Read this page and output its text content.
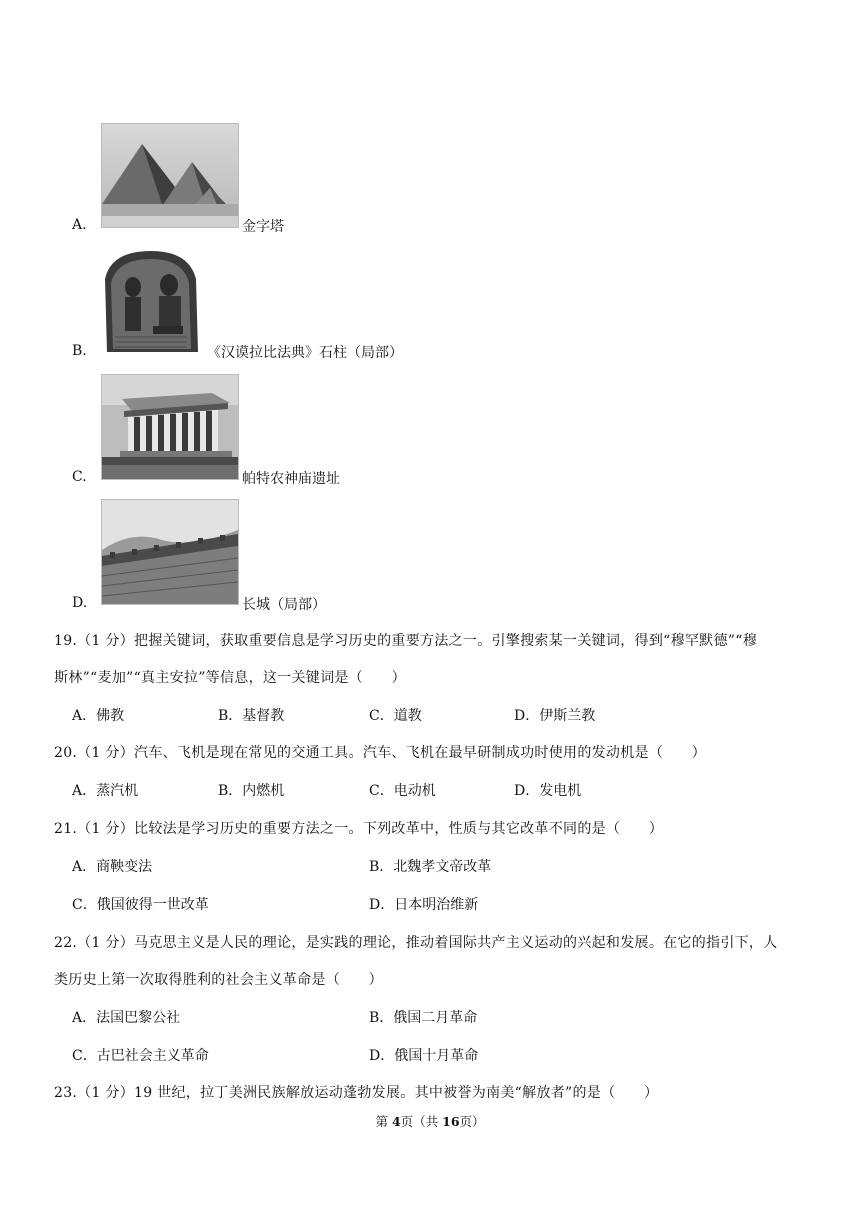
A.	金字塔
B.	《汉谟拉比法典》石柱（局部）
C.	帕特农神庙遗址
D.	长城（局部）
19.（1 分）把握关键词，获取重要信息是学习历史的重要方法之一。引擎搜索某一关键词，得到“穆罕默德”“穆
斯林”“麦加”“真主安拉”等信息，这一关键词是（　　）
A．佛教	B．基督教	C．道教	D．伊斯兰教
20.（1 分）汽车、飞机是现在常见的交通工具。汽车、飞机在最早研制成功时使用的发动机是（　　）
A．蒸汽机	B．内燃机	C．电动机	D．发电机
21.（1 分）比较法是学习历史的重要方法之一。下列改革中，性质与其它改革不同的是（　　）
A．商鞅变法	B．北魏孝文帝改革
C．俄国彼得一世改革	D．日本明治维新
22.（1 分）马克思主义是人民的理论，是实践的理论，推动着国际共产主义运动的兴起和发展。在它的指引下，人
类历史上第一次取得胜利的社会主义革命是（　　）
A．法国巴黎公社	B．俄国二月革命
C．古巴社会主义革命	D．俄国十月革命
23.（1 分）19 世纪，拉丁美洲民族解放运动蓬勃发展。其中被誉为南美“解放者”的是（　　）
第 4页（共 16页）
